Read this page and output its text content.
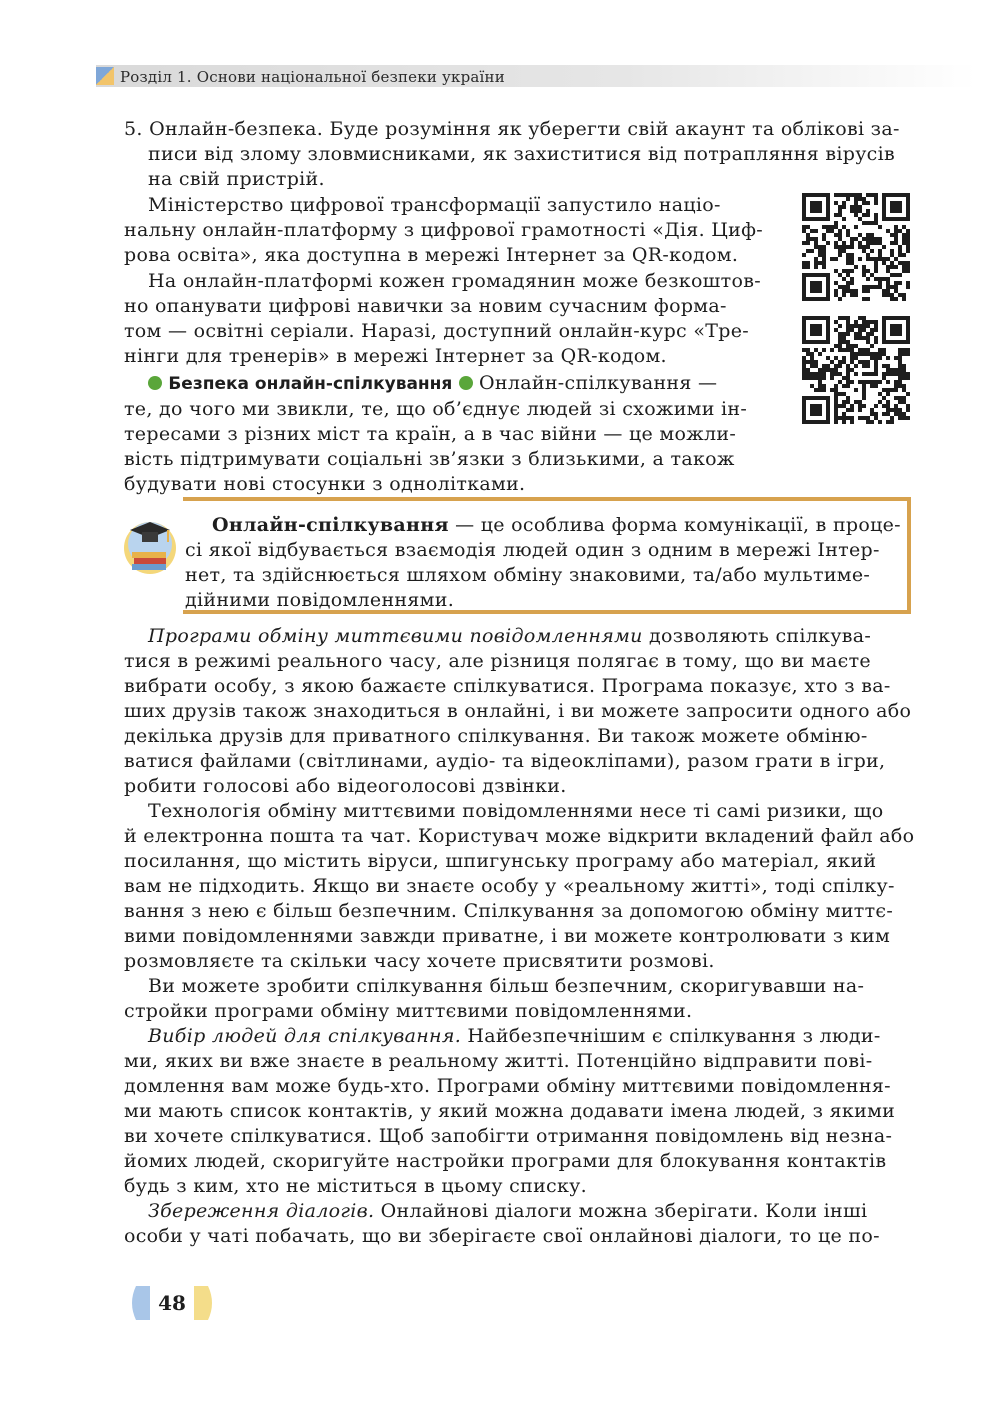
Розділ 1. Основи національної безпеки україни
5. Онлайн-безпека. Буде розуміння як уберегти свій акаунт та облікові за-
писи від злому зловмисниками, як захиститися від потрапляння вірусів
на свій пристрій.
Міністерство цифрової трансформації запустило націо-
нальну онлайн-платформу з цифрової грамотності «Дія. Циф-
рова освіта», яка доступна в мережі Інтернет за QR-кодом.
На онлайн-платформі кожен громадянин може безкоштов-
но опанувати цифрові навички за новим сучасним форма-
том — освітні серіали. Наразі, доступний онлайн-курс «Тре-
нінги для тренерів» в мережі Інтернет за QR-кодом.
Безпека онлайн-спілкування Онлайн-спілкування —
те, до чого ми звикли, те, що об’єднує людей зі схожими ін-
тересами з різних міст та країн, а в час війни — це можли-
вість підтримувати соціальні зв’язки з близькими, а також
будувати нові стосунки з однолітками.
Онлайн-спілкування — це особлива форма комунікації, в проце-
сі якої відбувається взаємодія людей один з одним в мережі Інтер-
нет, та здійснюється шляхом обміну знаковими, та/або мультиме-
дійними повідомленнями.
Програми обміну миттєвими повідомленнями дозволяють спілкува-
тися в режимі реального часу, але різниця полягає в тому, що ви маєте
вибрати особу, з якою бажаєте спілкуватися. Програма показує, хто з ва-
ших друзів також знаходиться в онлайні, і ви можете запросити одного або
декілька друзів для приватного спілкування. Ви також можете обміню-
ватися файлами (світлинами, аудіо- та відеокліпами), разом грати в ігри,
робити голосові або відеоголосові дзвінки.
Технологія обміну миттєвими повідомленнями несе ті самі ризики, що
й електронна пошта та чат. Користувач може відкрити вкладений файл або
посилання, що містить віруси, шпигунську програму або матеріал, який
вам не підходить. Якщо ви знаєте особу у «реальному житті», тоді спілку-
вання з нею є більш безпечним. Спілкування за допомогою обміну миттє-
вими повідомленнями завжди приватне, і ви можете контролювати з ким
розмовляєте та скільки часу хочете присвятити розмові.
Ви можете зробити спілкування більш безпечним, скоригувавши на-
стройки програми обміну миттєвими повідомленнями.
Вибір людей для спілкування. Найбезпечнішим є спілкування з люди-
ми, яких ви вже знаєте в реальному житті. Потенційно відправити пові-
домлення вам може будь-хто. Програми обміну миттєвими повідомлення-
ми мають список контактів, у який можна додавати імена людей, з якими
ви хочете спілкуватися. Щоб запобігти отримання повідомлень від незна-
йомих людей, скоригуйте настройки програми для блокування контактів
будь з ким, хто не міститься в цьому списку.
Збереження діалогів. Онлайнові діалоги можна зберігати. Коли інші
особи у чаті побачать, що ви зберігаєте свої онлайнові діалоги, то це по-
48
